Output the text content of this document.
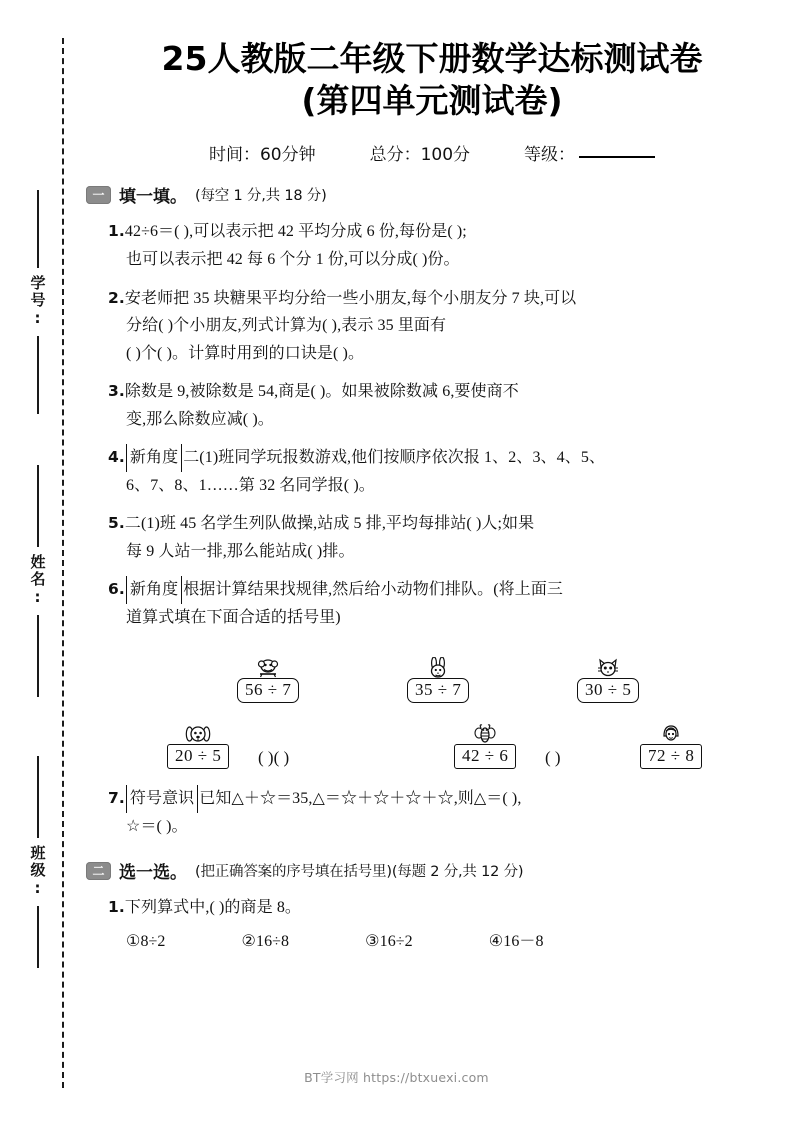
学号:
姓名:
班级:
25人教版二年级下册数学达标测试卷
(第四单元测试卷)
时间：60分钟	总分：100分	等级：
一 填一填。 (每空 1 分,共 18 分)
1.42÷6＝( ),可以表示把 42 平均分成 6 份,每份是( );
也可以表示把 42 每 6 个分 1 份,可以分成( )份。
2.安老师把 35 块糖果平均分给一些小朋友,每个小朋友分 7 块,可以
分给( )个小朋友,列式计算为( ),表示 35 里面有
( )个( )。计算时用到的口诀是( )。
3.除数是 9,被除数是 54,商是( )。如果被除数减 6,要使商不
变,那么除数应减( )。
4. 新角度 二(1)班同学玩报数游戏,他们按顺序依次报 1、2、3、4、5、
6、7、8、1……第 32 名同学报( )。
5.二(1)班 45 名学生列队做操,站成 5 排,平均每排站( )人;如果
每 9 人站一排,那么能站成( )排。
6. 新角度 根据计算结果找规律,然后给小动物们排队。(将上面三
道算式填在下面合适的括号里)
56 ÷ 7	35 ÷ 7	30 ÷ 5
20 ÷ 5	( )( )	42 ÷ 6	( )	72 ÷ 8
7. 符号意识 已知△＋☆＝35,△＝☆＋☆＋☆＋☆,则△＝( ),
☆＝( )。
二 选一选。 (把正确答案的序号填在括号里)(每题 2 分,共 12 分)
1.下列算式中,( )的商是 8。
①8÷2	②16÷8	③16÷2	④16－8
BT学习网 https://btxuexi.com
